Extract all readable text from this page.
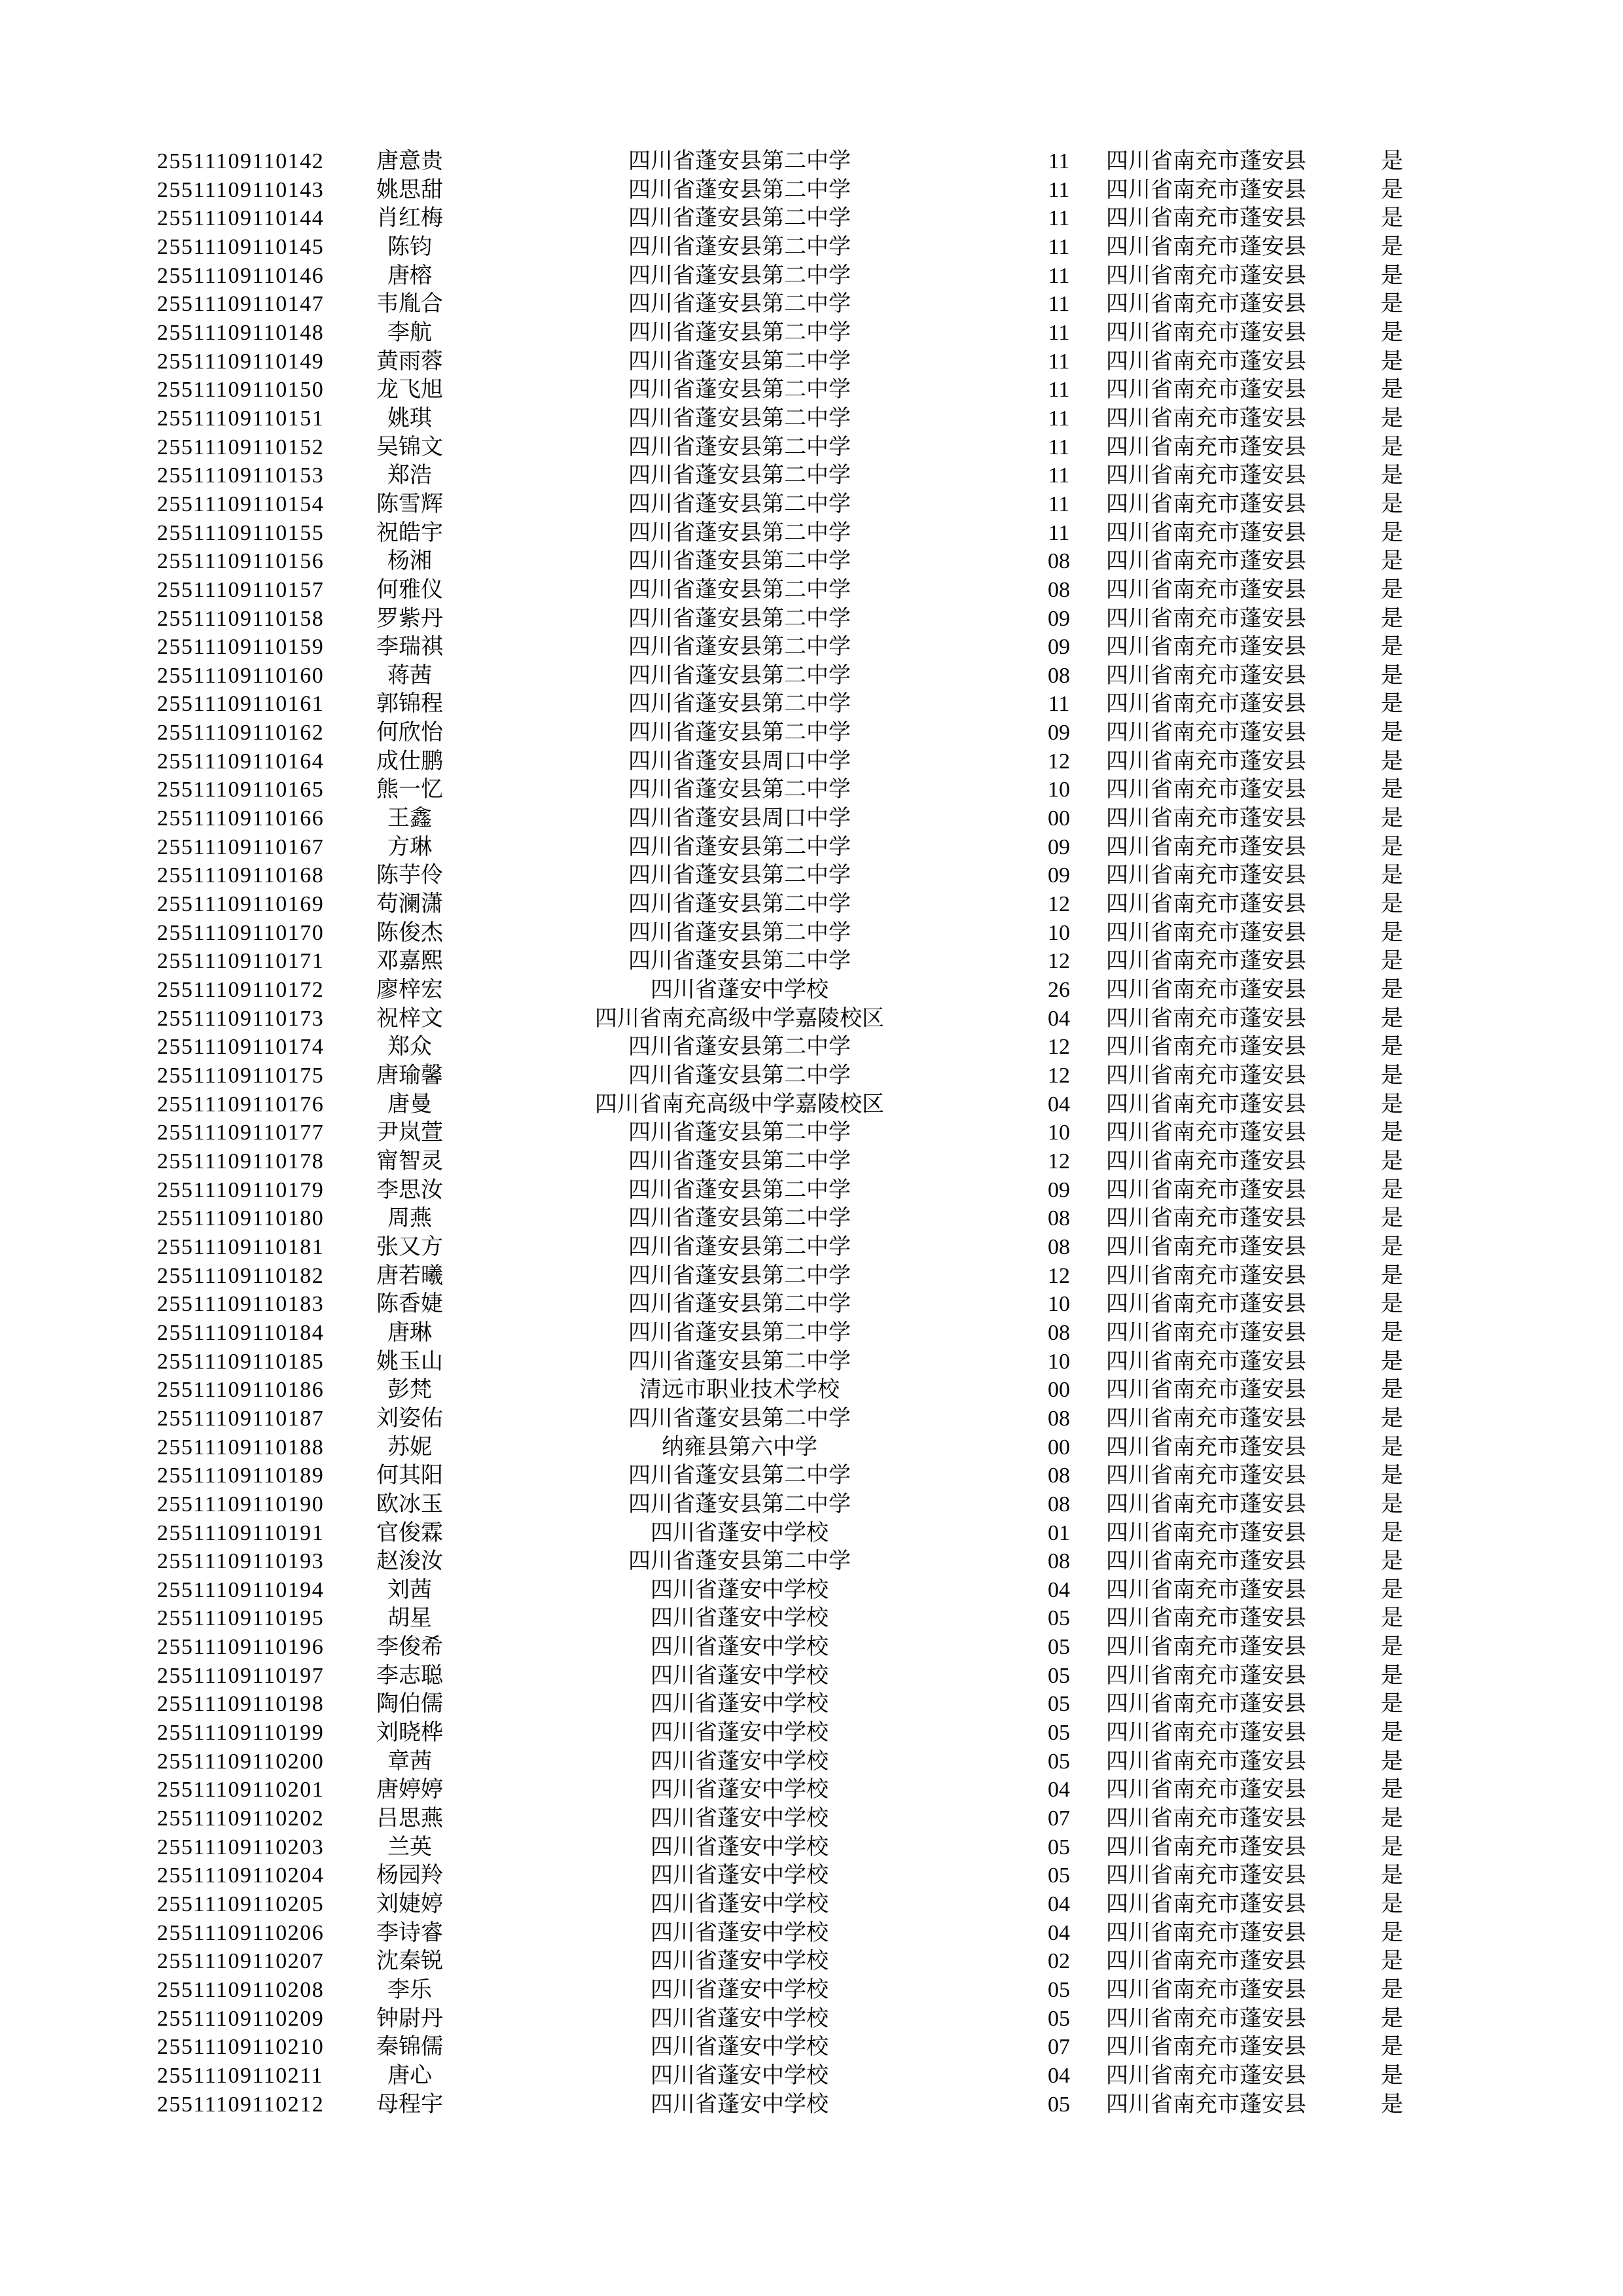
25511109110142	唐意贵	四川省蓬安县第二中学	11	四川省南充市蓬安县	是
25511109110143	姚思甜	四川省蓬安县第二中学	11	四川省南充市蓬安县	是
25511109110144	肖红梅	四川省蓬安县第二中学	11	四川省南充市蓬安县	是
25511109110145	陈钧	四川省蓬安县第二中学	11	四川省南充市蓬安县	是
25511109110146	唐榕	四川省蓬安县第二中学	11	四川省南充市蓬安县	是
25511109110147	韦胤合	四川省蓬安县第二中学	11	四川省南充市蓬安县	是
25511109110148	李航	四川省蓬安县第二中学	11	四川省南充市蓬安县	是
25511109110149	黄雨蓉	四川省蓬安县第二中学	11	四川省南充市蓬安县	是
25511109110150	龙飞旭	四川省蓬安县第二中学	11	四川省南充市蓬安县	是
25511109110151	姚琪	四川省蓬安县第二中学	11	四川省南充市蓬安县	是
25511109110152	吴锦文	四川省蓬安县第二中学	11	四川省南充市蓬安县	是
25511109110153	郑浩	四川省蓬安县第二中学	11	四川省南充市蓬安县	是
25511109110154	陈雪辉	四川省蓬安县第二中学	11	四川省南充市蓬安县	是
25511109110155	祝皓宇	四川省蓬安县第二中学	11	四川省南充市蓬安县	是
25511109110156	杨湘	四川省蓬安县第二中学	08	四川省南充市蓬安县	是
25511109110157	何雅仪	四川省蓬安县第二中学	08	四川省南充市蓬安县	是
25511109110158	罗紫丹	四川省蓬安县第二中学	09	四川省南充市蓬安县	是
25511109110159	李瑞祺	四川省蓬安县第二中学	09	四川省南充市蓬安县	是
25511109110160	蒋茜	四川省蓬安县第二中学	08	四川省南充市蓬安县	是
25511109110161	郭锦程	四川省蓬安县第二中学	11	四川省南充市蓬安县	是
25511109110162	何欣怡	四川省蓬安县第二中学	09	四川省南充市蓬安县	是
25511109110164	成仕鹏	四川省蓬安县周口中学	12	四川省南充市蓬安县	是
25511109110165	熊一忆	四川省蓬安县第二中学	10	四川省南充市蓬安县	是
25511109110166	王鑫	四川省蓬安县周口中学	00	四川省南充市蓬安县	是
25511109110167	方琳	四川省蓬安县第二中学	09	四川省南充市蓬安县	是
25511109110168	陈芋伶	四川省蓬安县第二中学	09	四川省南充市蓬安县	是
25511109110169	苟澜潇	四川省蓬安县第二中学	12	四川省南充市蓬安县	是
25511109110170	陈俊杰	四川省蓬安县第二中学	10	四川省南充市蓬安县	是
25511109110171	邓嘉熙	四川省蓬安县第二中学	12	四川省南充市蓬安县	是
25511109110172	廖梓宏	四川省蓬安中学校	26	四川省南充市蓬安县	是
25511109110173	祝梓文	四川省南充高级中学嘉陵校区	04	四川省南充市蓬安县	是
25511109110174	郑众	四川省蓬安县第二中学	12	四川省南充市蓬安县	是
25511109110175	唐瑜馨	四川省蓬安县第二中学	12	四川省南充市蓬安县	是
25511109110176	唐曼	四川省南充高级中学嘉陵校区	04	四川省南充市蓬安县	是
25511109110177	尹岚萱	四川省蓬安县第二中学	10	四川省南充市蓬安县	是
25511109110178	甯智灵	四川省蓬安县第二中学	12	四川省南充市蓬安县	是
25511109110179	李思汝	四川省蓬安县第二中学	09	四川省南充市蓬安县	是
25511109110180	周燕	四川省蓬安县第二中学	08	四川省南充市蓬安县	是
25511109110181	张又方	四川省蓬安县第二中学	08	四川省南充市蓬安县	是
25511109110182	唐若曦	四川省蓬安县第二中学	12	四川省南充市蓬安县	是
25511109110183	陈香婕	四川省蓬安县第二中学	10	四川省南充市蓬安县	是
25511109110184	唐琳	四川省蓬安县第二中学	08	四川省南充市蓬安县	是
25511109110185	姚玉山	四川省蓬安县第二中学	10	四川省南充市蓬安县	是
25511109110186	彭梵	清远市职业技术学校	00	四川省南充市蓬安县	是
25511109110187	刘姿佑	四川省蓬安县第二中学	08	四川省南充市蓬安县	是
25511109110188	苏妮	纳雍县第六中学	00	四川省南充市蓬安县	是
25511109110189	何其阳	四川省蓬安县第二中学	08	四川省南充市蓬安县	是
25511109110190	欧冰玉	四川省蓬安县第二中学	08	四川省南充市蓬安县	是
25511109110191	官俊霖	四川省蓬安中学校	01	四川省南充市蓬安县	是
25511109110193	赵浚汝	四川省蓬安县第二中学	08	四川省南充市蓬安县	是
25511109110194	刘茜	四川省蓬安中学校	04	四川省南充市蓬安县	是
25511109110195	胡星	四川省蓬安中学校	05	四川省南充市蓬安县	是
25511109110196	李俊希	四川省蓬安中学校	05	四川省南充市蓬安县	是
25511109110197	李志聪	四川省蓬安中学校	05	四川省南充市蓬安县	是
25511109110198	陶伯儒	四川省蓬安中学校	05	四川省南充市蓬安县	是
25511109110199	刘晓桦	四川省蓬安中学校	05	四川省南充市蓬安县	是
25511109110200	章茜	四川省蓬安中学校	05	四川省南充市蓬安县	是
25511109110201	唐婷婷	四川省蓬安中学校	04	四川省南充市蓬安县	是
25511109110202	吕思燕	四川省蓬安中学校	07	四川省南充市蓬安县	是
25511109110203	兰英	四川省蓬安中学校	05	四川省南充市蓬安县	是
25511109110204	杨园羚	四川省蓬安中学校	05	四川省南充市蓬安县	是
25511109110205	刘婕婷	四川省蓬安中学校	04	四川省南充市蓬安县	是
25511109110206	李诗睿	四川省蓬安中学校	04	四川省南充市蓬安县	是
25511109110207	沈秦锐	四川省蓬安中学校	02	四川省南充市蓬安县	是
25511109110208	李乐	四川省蓬安中学校	05	四川省南充市蓬安县	是
25511109110209	钟尉丹	四川省蓬安中学校	05	四川省南充市蓬安县	是
25511109110210	秦锦儒	四川省蓬安中学校	07	四川省南充市蓬安县	是
25511109110211	唐心	四川省蓬安中学校	04	四川省南充市蓬安县	是
25511109110212	母程宇	四川省蓬安中学校	05	四川省南充市蓬安县	是
